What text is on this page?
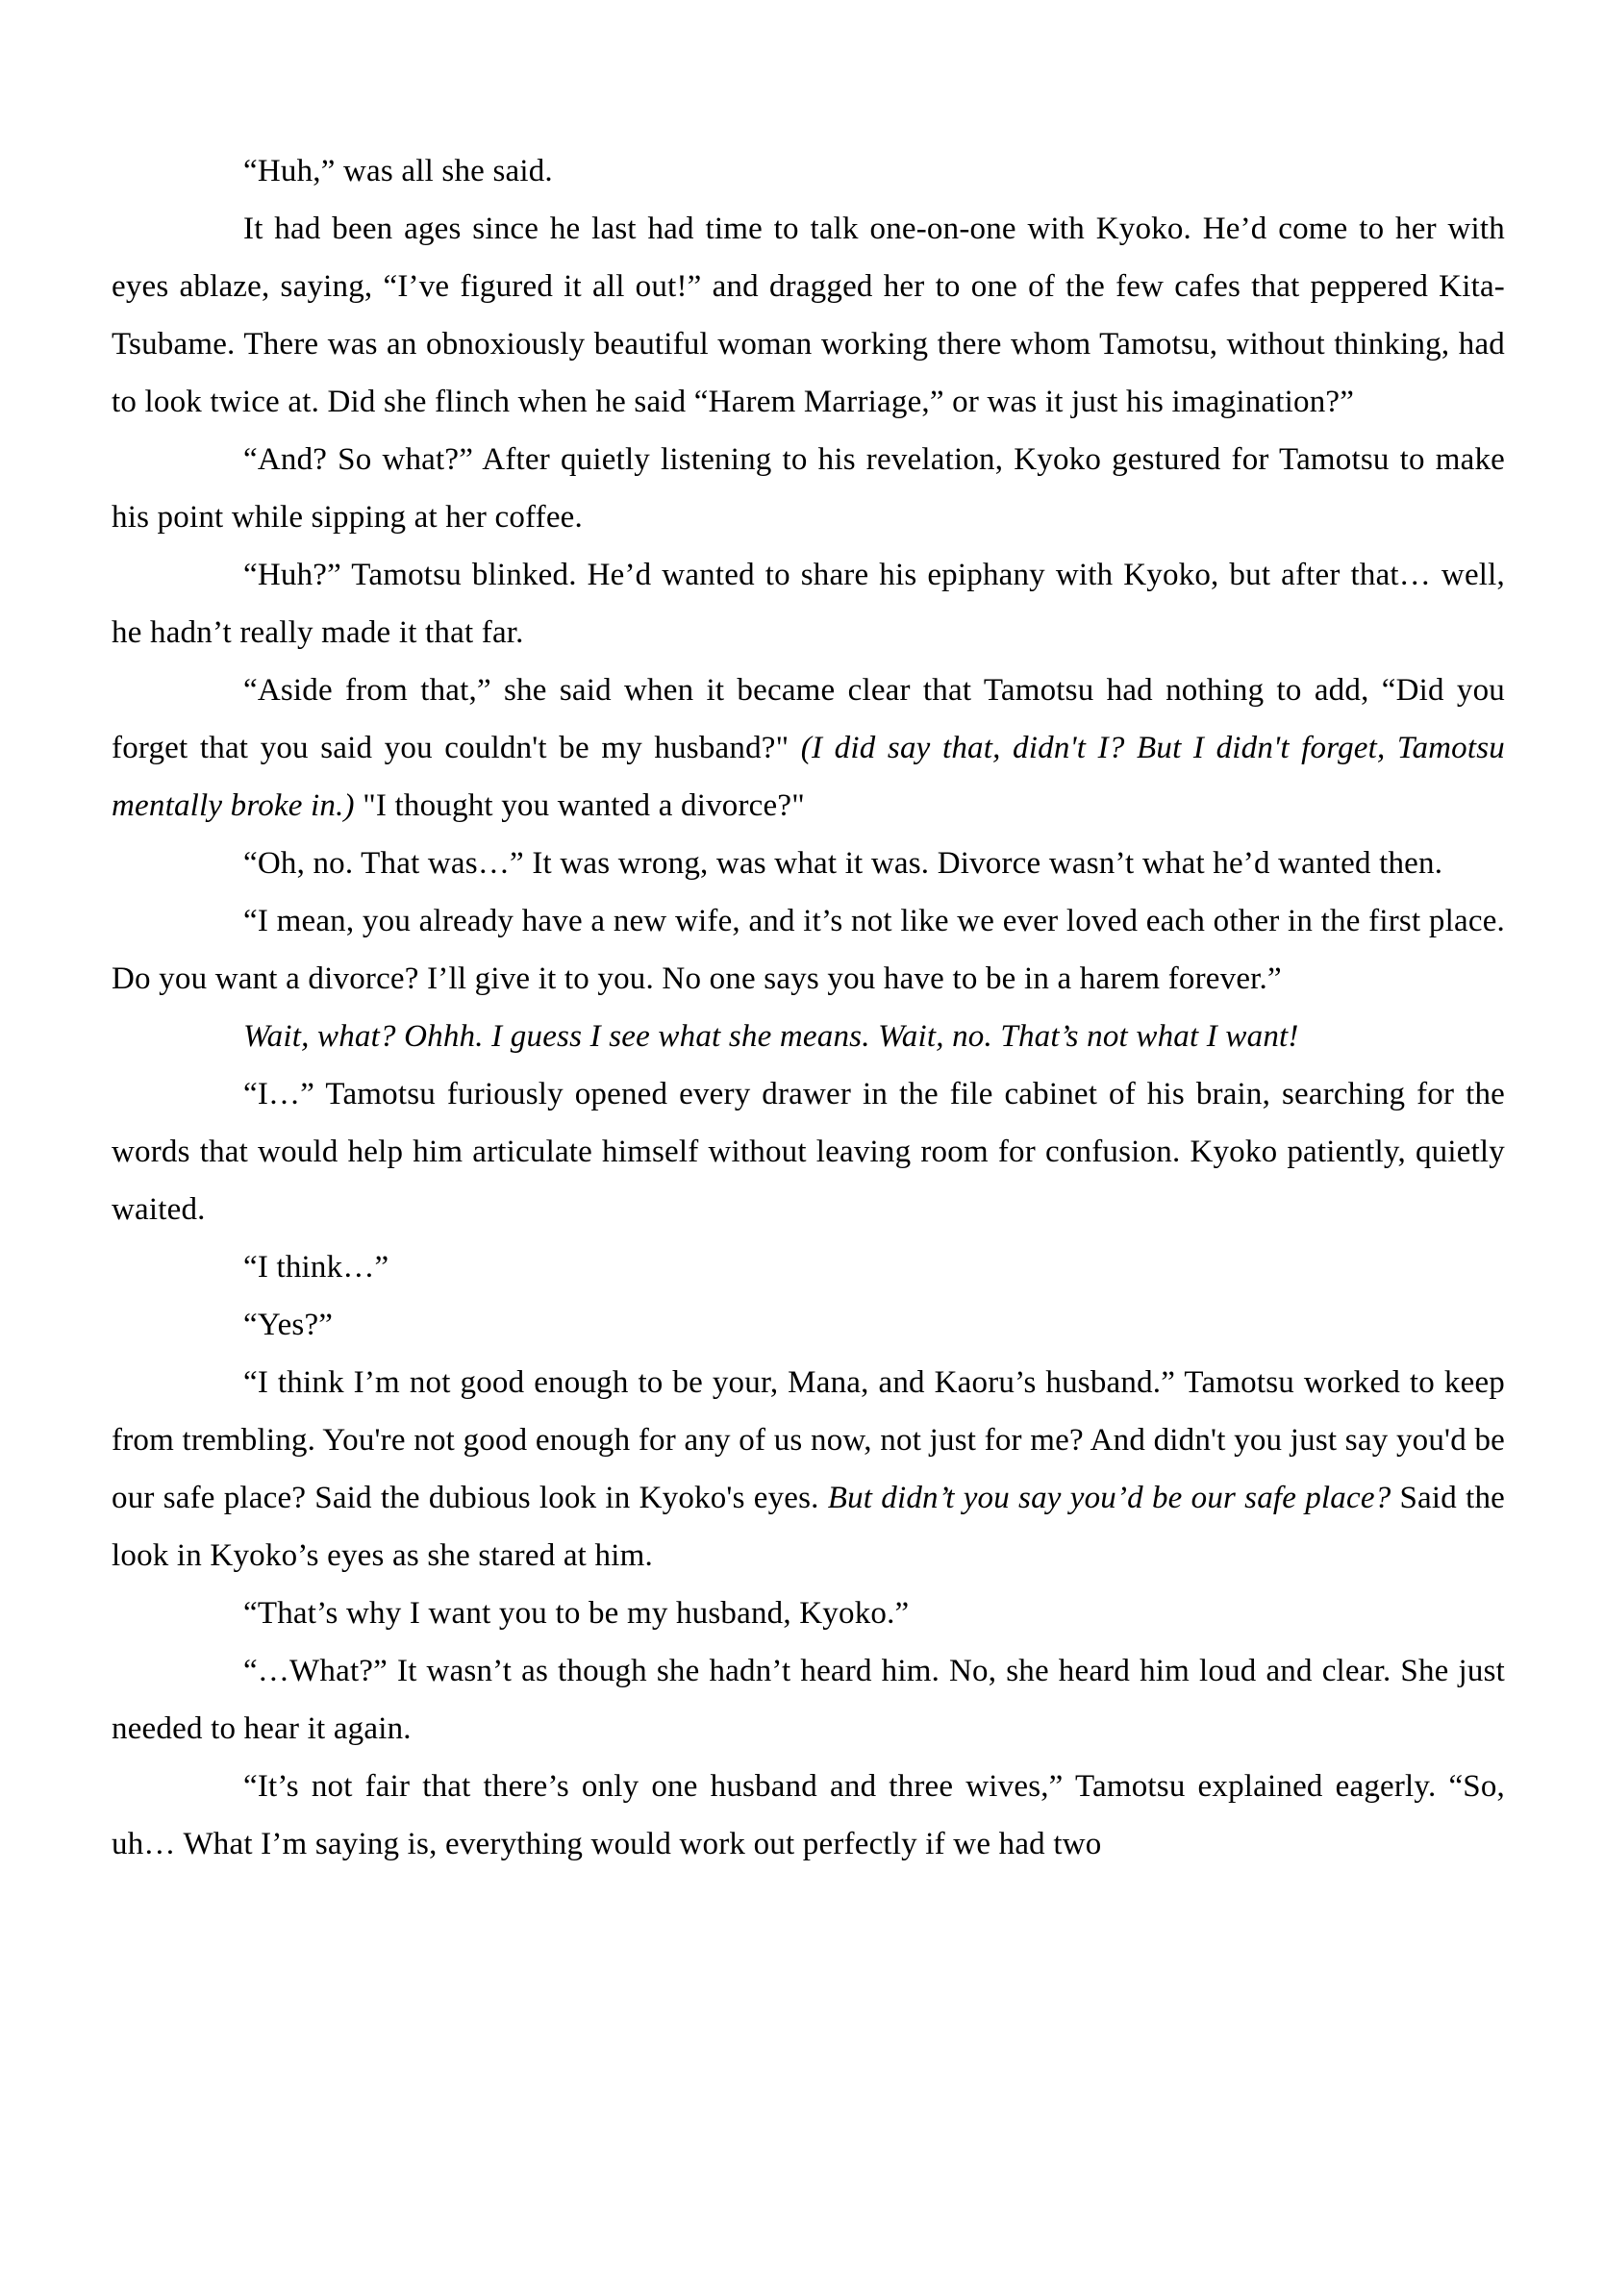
“Huh,” was all she said.

It had been ages since he last had time to talk one-on-one with Kyoko. He’d come to her with eyes ablaze, saying, “I’ve figured it all out!” and dragged her to one of the few cafes that peppered Kita-Tsubame. There was an obnoxiously beautiful woman working there whom Tamotsu, without thinking, had to look twice at. Did she flinch when he said “Harem Marriage,” or was it just his imagination?”

“And? So what?” After quietly listening to his revelation, Kyoko gestured for Tamotsu to make his point while sipping at her coffee.

“Huh?” Tamotsu blinked. He’d wanted to share his epiphany with Kyoko, but after that… well, he hadn’t really made it that far.

“Aside from that,” she said when it became clear that Tamotsu had nothing to add, “Did you forget that you said you couldn't be my husband?" (I did say that, didn't I? But I didn't forget, Tamotsu mentally broke in.) "I thought you wanted a divorce?"

“Oh, no. That was…” It was wrong, was what it was. Divorce wasn’t what he’d wanted then.

“I mean, you already have a new wife, and it’s not like we ever loved each other in the first place. Do you want a divorce? I’ll give it to you. No one says you have to be in a harem forever.”

Wait, what? Ohhh. I guess I see what she means. Wait, no. That’s not what I want!

“I…” Tamotsu furiously opened every drawer in the file cabinet of his brain, searching for the words that would help him articulate himself without leaving room for confusion. Kyoko patiently, quietly waited.

“I think…”

“Yes?”

“I think I’m not good enough to be your, Mana, and Kaoru’s husband.” Tamotsu worked to keep from trembling. You're not good enough for any of us now, not just for me? And didn't you just say you'd be our safe place? Said the dubious look in Kyoko's eyes. But didn’t you say you’d be our safe place? Said the look in Kyoko’s eyes as she stared at him.

“That’s why I want you to be my husband, Kyoko.”

“…What?” It wasn’t as though she hadn’t heard him. No, she heard him loud and clear. She just needed to hear it again.

“It’s not fair that there’s only one husband and three wives,” Tamotsu explained eagerly. “So, uh… What I’m saying is, everything would work out perfectly if we had two
